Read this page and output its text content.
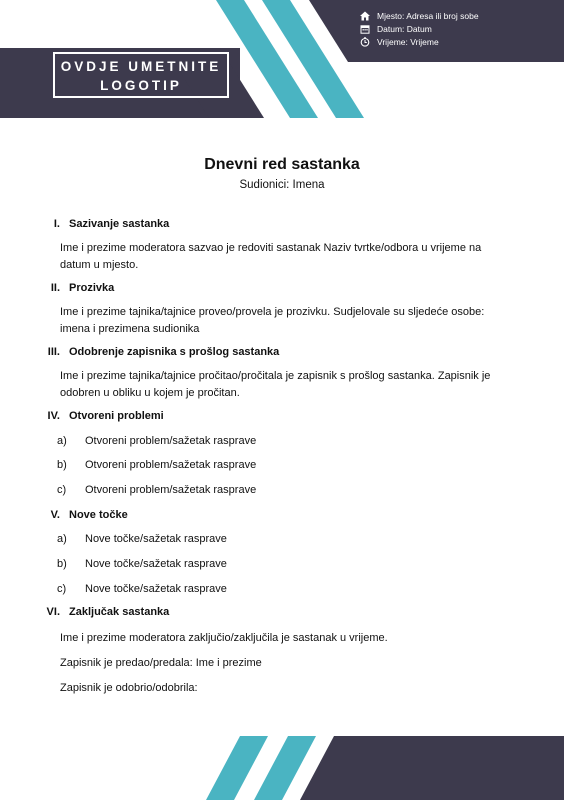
OVDJE UMETNITE
LOGOTIP
Mjesto: Adresa ili broj sobe
Datum: Datum
Vrijeme: Vrijeme
Dnevni red sastanka
Sudionici: Imena
I. Sazivanje sastanka
Ime i prezime moderatora sazvao je redoviti sastanak Naziv tvrtke/odbora u vrijeme na
datum u mjesto.
II. Prozivka
Ime i prezime tajnika/tajnice proveo/provela je prozivku. Sudjelovale su sljedeće osobe:
imena i prezimena sudionika
III. Odobrenje zapisnika s prošlog sastanka
Ime i prezime tajnika/tajnice pročitao/pročitala je zapisnik s prošlog sastanka. Zapisnik je
odobren u obliku u kojem je pročitan.
IV. Otvoreni problemi
a) Otvoreni problem/sažetak rasprave
b) Otvoreni problem/sažetak rasprave
c) Otvoreni problem/sažetak rasprave
V. Nove točke
a) Nove točke/sažetak rasprave
b) Nove točke/sažetak rasprave
c) Nove točke/sažetak rasprave
VI. Zaključak sastanka
Ime i prezime moderatora zaključio/zaključila je sastanak u vrijeme.
Zapisnik je predao/predala: Ime i prezime
Zapisnik je odobrio/odobrila:
